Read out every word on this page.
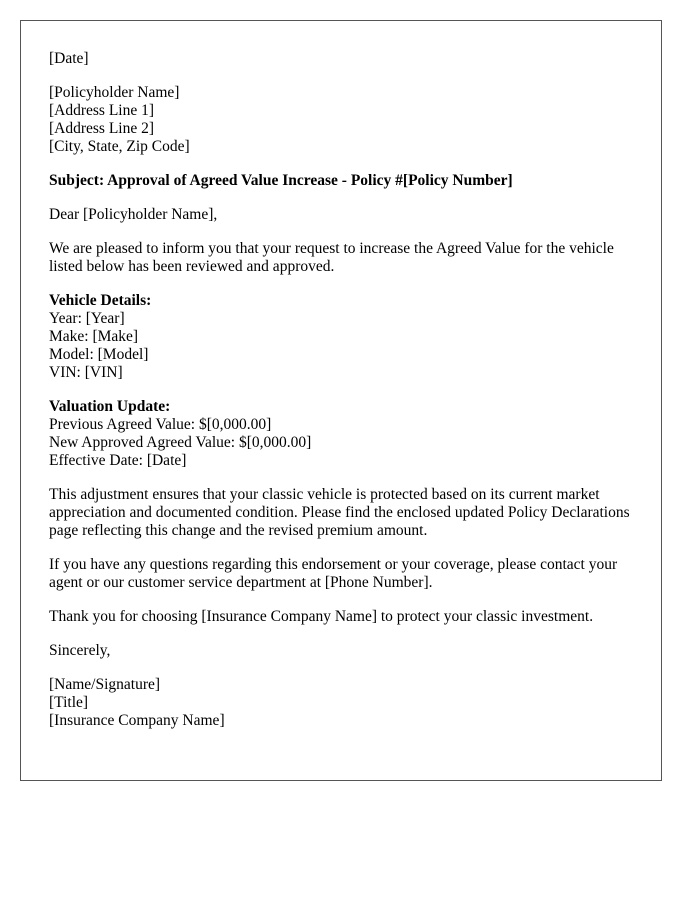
[Date]

[Policyholder Name]
[Address Line 1]
[Address Line 2]
[City, State, Zip Code]

Subject: Approval of Agreed Value Increase - Policy #[Policy Number]

Dear [Policyholder Name],

We are pleased to inform you that your request to increase the Agreed Value for the vehicle listed below has been reviewed and approved.

Vehicle Details:
Year: [Year]
Make: [Make]
Model: [Model]
VIN: [VIN]
Valuation Update:
Previous Agreed Value: $[0,000.00]
New Approved Agreed Value: $[0,000.00]
Effective Date: [Date]

This adjustment ensures that your classic vehicle is protected based on its current market appreciation and documented condition. Please find the enclosed updated Policy Declarations page reflecting this change and the revised premium amount.

If you have any questions regarding this endorsement or your coverage, please contact your agent or our customer service department at [Phone Number].

Thank you for choosing [Insurance Company Name] to protect your classic investment.

Sincerely,

[Name/Signature]
[Title]
[Insurance Company Name]
